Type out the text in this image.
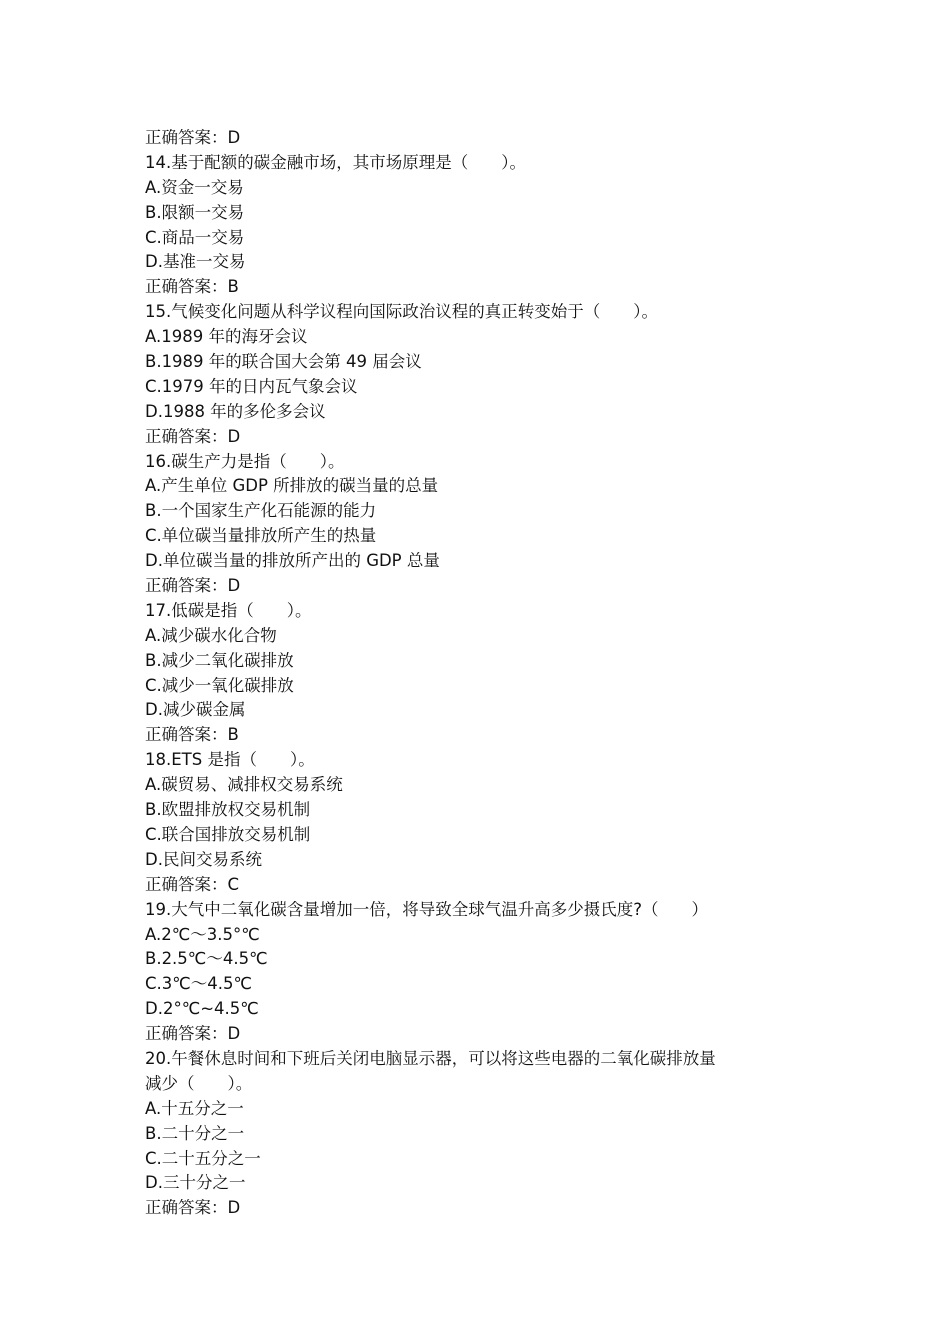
正确答案：D
14.基于配额的碳金融市场，其市场原理是（　　）。
A.资金一交易
B.限额一交易
C.商品一交易
D.基准一交易
正确答案：B
15.气候变化问题从科学议程向国际政治议程的真正转变始于（　　）。
A.1989 年的海牙会议
B.1989 年的联合国大会第 49 届会议
C.1979 年的日内瓦气象会议
D.1988 年的多伦多会议
正确答案：D
16.碳生产力是指（　　）。
A.产生单位 GDP 所排放的碳当量的总量
B.一个国家生产化石能源的能力
C.单位碳当量排放所产生的热量
D.单位碳当量的排放所产出的 GDP 总量
正确答案：D
17.低碳是指（　　）。
A.减少碳水化合物
B.减少二氧化碳排放
C.减少一氧化碳排放
D.减少碳金属
正确答案：B
18.ETS 是指（　　）。
A.碳贸易、减排权交易系统
B.欧盟排放权交易机制
C.联合国排放交易机制
D.民间交易系统
正确答案：C
19.大气中二氧化碳含量增加一倍，将导致全球气温升高多少摄氏度?（　　）
A.2℃～3.5°℃
B.2.5℃～4.5℃
C.3℃～4.5℃
D.2°℃~4.5℃
正确答案：D
20.午餐休息时间和下班后关闭电脑显示器，可以将这些电器的二氧化碳排放量
减少（　　）。
A.十五分之一
B.二十分之一
C.二十五分之一
D.三十分之一
正确答案：D
